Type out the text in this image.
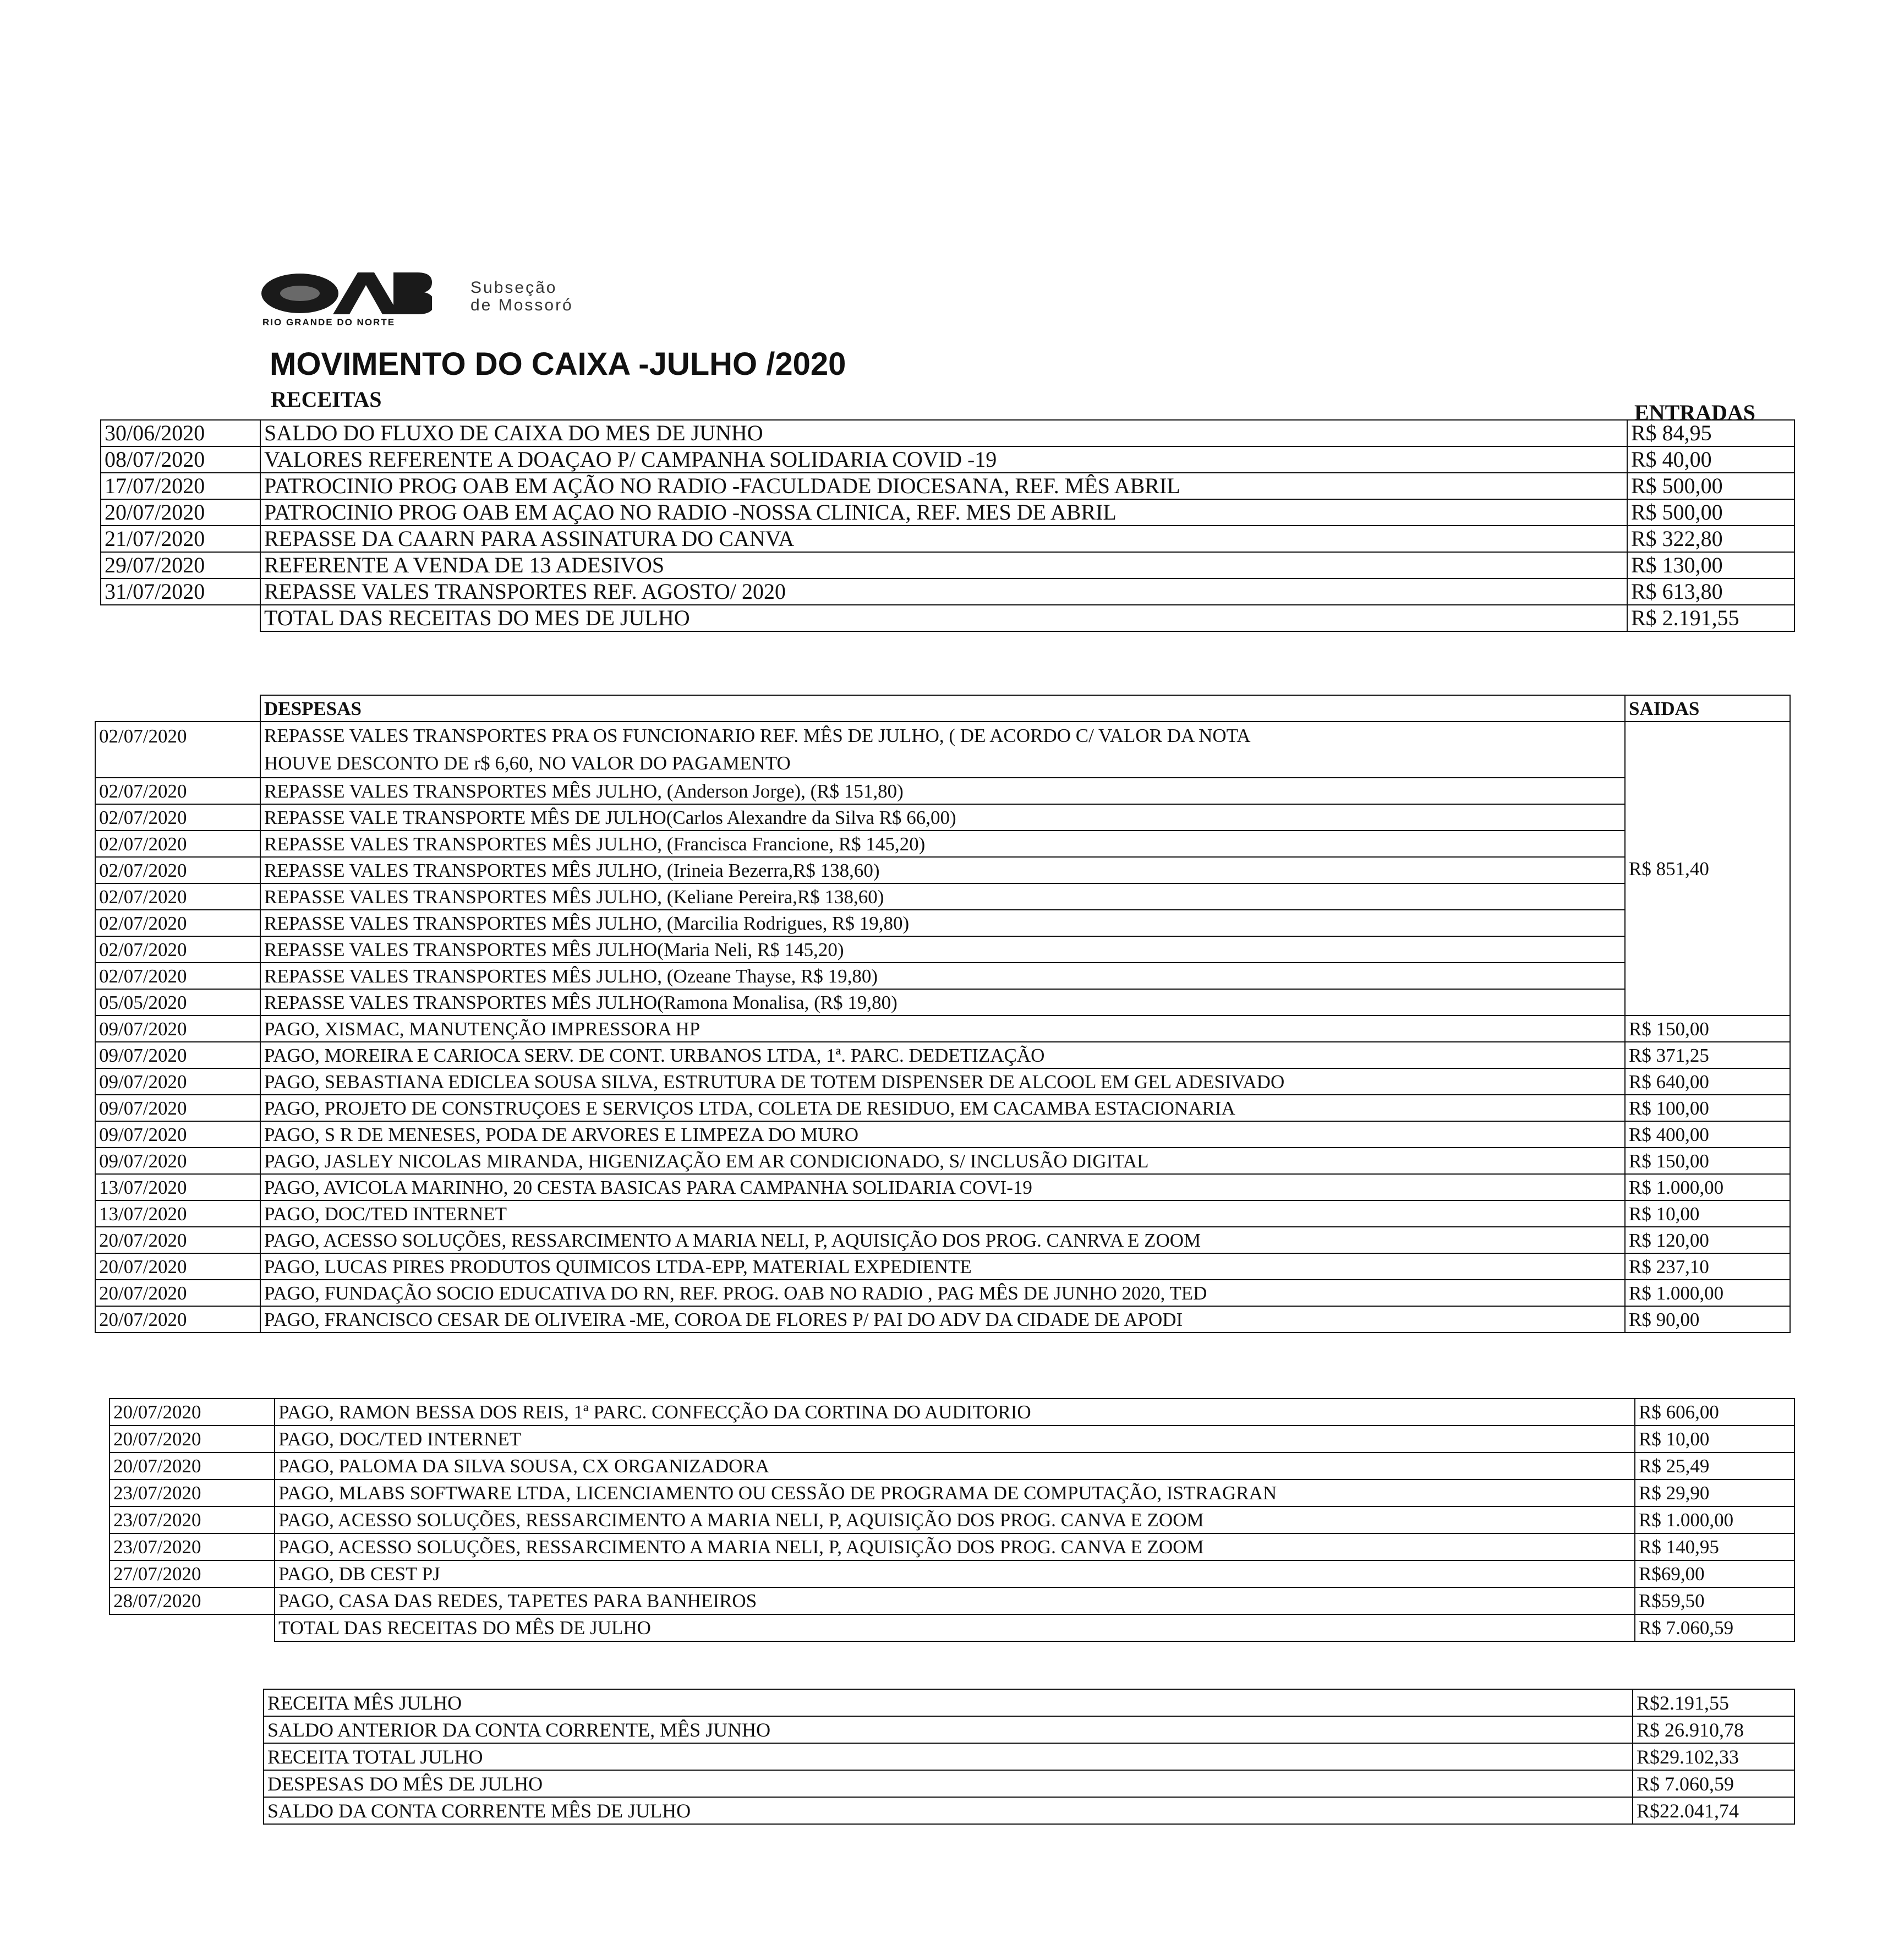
RIO GRANDE DO NORTE
Subseção
de Mossoró
MOVIMENTO DO CAIXA -JULHO /2020
RECEITAS
ENTRADAS
30/06/2020	SALDO DO FLUXO DE CAIXA DO MES DE JUNHO	R$ 84,95
08/07/2020	VALORES REFERENTE A DOAÇAO P/ CAMPANHA SOLIDARIA COVID -19	R$ 40,00
17/07/2020	PATROCINIO PROG OAB EM AÇÃO NO RADIO -FACULDADE DIOCESANA, REF. MÊS ABRIL	R$ 500,00
20/07/2020	PATROCINIO PROG OAB EM AÇAO NO RADIO -NOSSA CLINICA, REF. MES DE ABRIL	R$ 500,00
21/07/2020	REPASSE DA CAARN PARA ASSINATURA DO CANVA	R$ 322,80
29/07/2020	REFERENTE A VENDA DE 13 ADESIVOS	R$ 130,00
31/07/2020	REPASSE VALES TRANSPORTES REF. AGOSTO/ 2020	R$ 613,80
	TOTAL DAS RECEITAS DO MES DE JULHO	R$ 2.191,55
	DESPESAS	SAIDAS
02/07/2020	REPASSE VALES TRANSPORTES PRA OS FUNCIONARIO REF. MÊS DE JULHO, ( DE ACORDO C/ VALOR DA NOTA
HOUVE DESCONTO DE r$ 6,60, NO VALOR DO PAGAMENTO	R$ 851,40
02/07/2020	REPASSE VALES TRANSPORTES MÊS JULHO, (Anderson Jorge), (R$ 151,80)	
02/07/2020	REPASSE VALE TRANSPORTE MÊS DE JULHO(Carlos Alexandre da Silva R$ 66,00)	
02/07/2020	REPASSE VALES TRANSPORTES MÊS JULHO, (Francisca Francione, R$ 145,20)	
02/07/2020	REPASSE VALES TRANSPORTES MÊS JULHO, (Irineia Bezerra,R$ 138,60)	
02/07/2020	REPASSE VALES TRANSPORTES MÊS JULHO, (Keliane Pereira,R$ 138,60)	
02/07/2020	REPASSE VALES TRANSPORTES MÊS JULHO, (Marcilia Rodrigues, R$ 19,80)	
02/07/2020	REPASSE VALES TRANSPORTES MÊS JULHO(Maria Neli, R$ 145,20)	
02/07/2020	REPASSE VALES TRANSPORTES MÊS JULHO, (Ozeane Thayse, R$ 19,80)	
05/05/2020	REPASSE VALES TRANSPORTES MÊS JULHO(Ramona Monalisa, (R$ 19,80)	
09/07/2020	PAGO, XISMAC, MANUTENÇÃO IMPRESSORA HP	R$ 150,00
09/07/2020	PAGO, MOREIRA E CARIOCA SERV. DE CONT. URBANOS LTDA, 1ª. PARC. DEDETIZAÇÃO	R$ 371,25
09/07/2020	PAGO, SEBASTIANA EDICLEA SOUSA SILVA, ESTRUTURA DE TOTEM DISPENSER DE ALCOOL EM GEL ADESIVADO	R$ 640,00
09/07/2020	PAGO, PROJETO DE CONSTRUÇOES E SERVIÇOS LTDA, COLETA DE RESIDUO, EM CACAMBA ESTACIONARIA	R$ 100,00
09/07/2020	PAGO, S R DE MENESES, PODA DE ARVORES E LIMPEZA DO MURO	R$ 400,00
09/07/2020	PAGO, JASLEY NICOLAS MIRANDA, HIGENIZAÇÃO EM AR CONDICIONADO, S/ INCLUSÃO DIGITAL	R$ 150,00
13/07/2020	PAGO, AVICOLA MARINHO, 20 CESTA BASICAS PARA CAMPANHA SOLIDARIA COVI-19	R$ 1.000,00
13/07/2020	PAGO, DOC/TED INTERNET	R$ 10,00
20/07/2020	PAGO, ACESSO SOLUÇÕES, RESSARCIMENTO A MARIA NELI, P, AQUISIÇÃO DOS PROG. CANRVA E ZOOM	R$ 120,00
20/07/2020	PAGO, LUCAS PIRES PRODUTOS QUIMICOS LTDA-EPP, MATERIAL EXPEDIENTE	R$ 237,10
20/07/2020	PAGO, FUNDAÇÃO SOCIO EDUCATIVA DO RN, REF. PROG. OAB NO RADIO , PAG MÊS DE JUNHO 2020, TED	R$ 1.000,00
20/07/2020	PAGO, FRANCISCO CESAR DE OLIVEIRA -ME, COROA DE FLORES P/ PAI DO ADV DA CIDADE DE APODI	R$ 90,00
20/07/2020	PAGO, RAMON BESSA DOS REIS, 1ª PARC. CONFECÇÃO DA CORTINA DO AUDITORIO	R$ 606,00
20/07/2020	PAGO, DOC/TED INTERNET	R$ 10,00
20/07/2020	PAGO, PALOMA DA SILVA SOUSA, CX ORGANIZADORA	R$ 25,49
23/07/2020	PAGO, MLABS SOFTWARE LTDA, LICENCIAMENTO OU CESSÃO DE PROGRAMA DE COMPUTAÇÃO, ISTRAGRAN	R$ 29,90
23/07/2020	PAGO, ACESSO SOLUÇÕES, RESSARCIMENTO A MARIA NELI, P, AQUISIÇÃO DOS PROG. CANVA E ZOOM	R$ 1.000,00
23/07/2020	PAGO, ACESSO SOLUÇÕES, RESSARCIMENTO A MARIA NELI, P, AQUISIÇÃO DOS PROG. CANVA E ZOOM	R$ 140,95
27/07/2020	PAGO, DB CEST PJ	R$69,00
28/07/2020	PAGO, CASA DAS REDES, TAPETES PARA BANHEIROS	R$59,50
	TOTAL DAS RECEITAS DO MÊS DE JULHO	R$ 7.060,59
RECEITA MÊS JULHO	R$2.191,55
SALDO ANTERIOR DA CONTA CORRENTE, MÊS JUNHO	R$ 26.910,78
RECEITA TOTAL JULHO	R$29.102,33
DESPESAS DO MÊS DE JULHO	R$ 7.060,59
SALDO DA CONTA CORRENTE MÊS DE JULHO	R$22.041,74
